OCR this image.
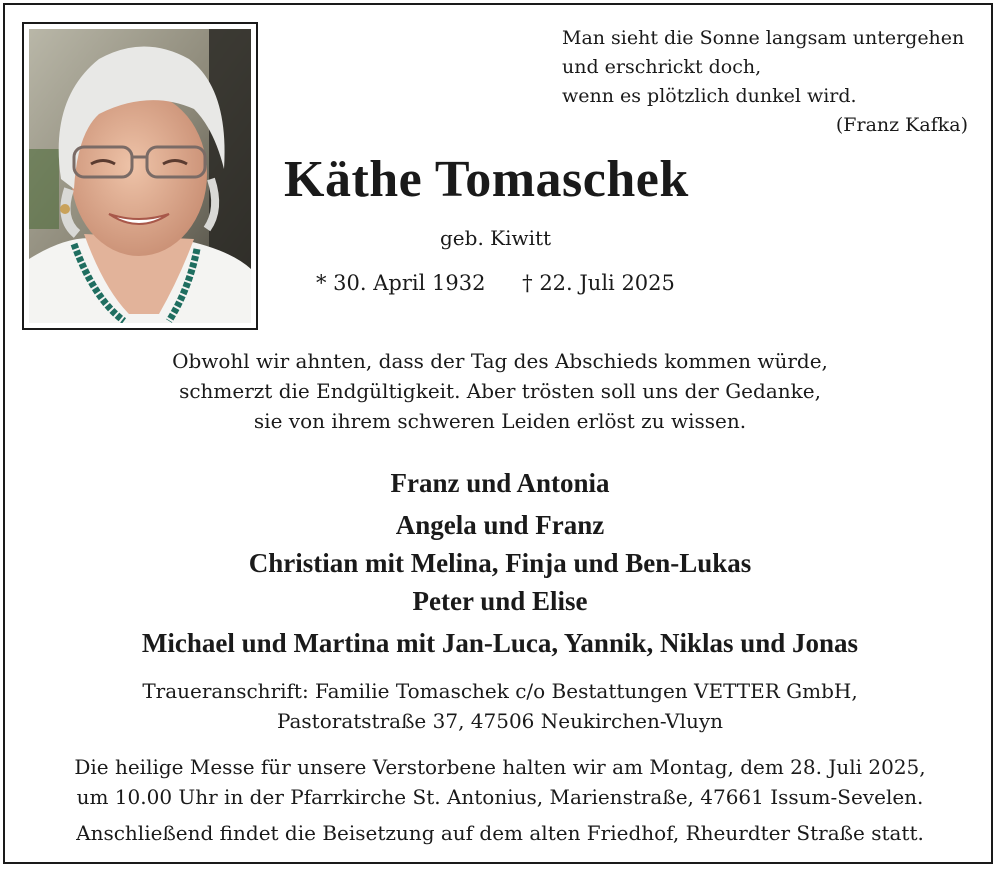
Man sieht die Sonne langsam untergehen
und erschrickt doch,
wenn es plötzlich dunkel wird.
(Franz Kafka)
Käthe Tomaschek
geb. Kiwitt
* 30. April 1932 † 22. Juli 2025
Obwohl wir ahnten, dass der Tag des Abschieds kommen würde,
schmerzt die Endgültigkeit. Aber trösten soll uns der Gedanke,
sie von ihrem schweren Leiden erlöst zu wissen.
Franz und Antonia
Angela und Franz
Christian mit Melina, Finja und Ben-Lukas
Peter und Elise
Michael und Martina mit Jan-Luca, Yannik, Niklas und Jonas
Traueranschrift: Familie Tomaschek c/o Bestattungen VETTER GmbH,
Pastoratstraße 37, 47506 Neukirchen-Vluyn
Die heilige Messe für unsere Verstorbene halten wir am Montag, dem 28. Juli 2025,
um 10.00 Uhr in der Pfarrkirche St. Antonius, Marienstraße, 47661 Issum-Sevelen.
Anschließend findet die Beisetzung auf dem alten Friedhof, Rheurdter Straße statt.
